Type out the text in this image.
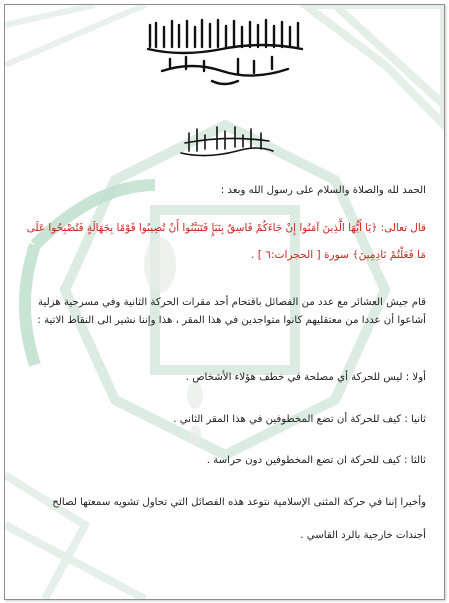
الحمد لله والصلاة والسلام على رسول الله وبعد :
قال تعالى: ﴿يَا أَيُّهَا الَّذِينَ آمَنُوا إِنْ جَاءَكُمْ فَاسِقٌ بِنَبَإٍ فَتَبَيَّنُوا أَنْ تُصِيبُوا قَوْمًا بِجَهَالَةٍ فَتُصْبِحُوا عَلَى
مَا فَعَلْتُمْ نَادِمِينَ﴾ سورة [ الحجرات:٦ ] .
قام جيش العشائر مع عدد من الفصائل باقتحام أحد مقرات الحركة الثانية وفي مسرحية هزلية
أشاعوا أن عددا من معتقليهم كانوا متواجدين في هذا المقر ، هذا وإننا نشير الى النقاط الاتية :
أولا : ليس للحركة أي مصلحة في خطف هؤلاء الأشخاص .
ثانيا : كيف للحركة أن تضع المخطوفين في هذا المقر الثاني .
ثالثا : كيف للحركة ان تضع المخطوفين دون حراسة .
وأخيرا إننا في حركة المثنى الإسلامية نتوعد هذه الفصائل التي تحاول تشويه سمعتها لصالح
أجندات خارجية بالرد القاسي .
